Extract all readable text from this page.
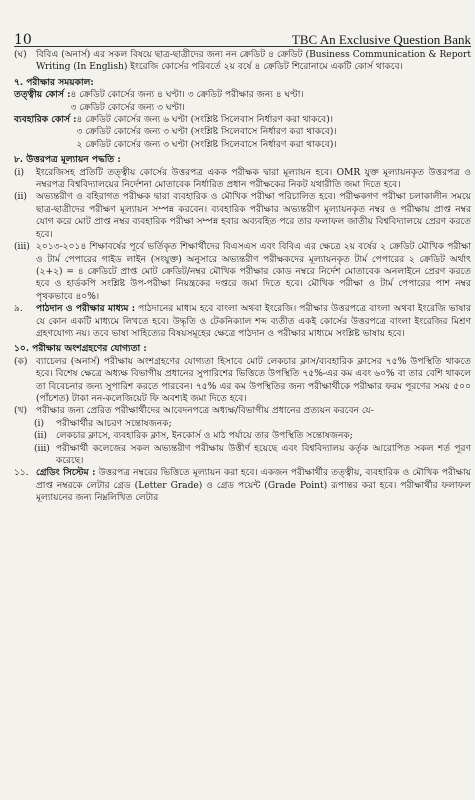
10	TBC An Exclusive Question Bank
(ঘ)	বিবিএ (অনার্স) এর সকল বিষয়ে ছাত্র-ছাত্রীদের জন্য নন ক্রেডিট ৪ ক্রেডিট (Business Communication & Report Writing (In English) ইংরেজি কোর্সের পরিবর্তে ২য় বর্ষে ৪ ক্রেডিট শিরোনামে একটি কোর্স থাকবে।

৭. পরীক্ষার সময়কাল:

তত্ত্বীয় কোর্স : ৪ ক্রেডিট কোর্সের জন্য ৪ ঘণ্টা। ৩ ক্রেডিট পরীক্ষার জন্য ৪ ঘণ্টা।

৩ ক্রেডিট কোর্সের জন্য ৩ ঘণ্টা।

ব্যবহারিক কোর্স : ৪ ক্রেডিট কোর্সের জন্য ৬ ঘণ্টা (সংশ্লিষ্ট সিলেবাস নির্ধারণ করা থাকবে)।

৩ ক্রেডিট কোর্সের জন্য ৩ ঘণ্টা (সংশ্লিষ্ট সিলেবাসে নির্ধারণ করা থাকবে)।

২ ক্রেডিট কোর্সের জন্য ৩ ঘণ্টা (সংশ্লিষ্ট সিলেবাসে নির্ধারণ করা থাকবে)।

৮. উত্তরপত্র মূল্যায়ন পদ্ধতি :

(i)	ইংরেজিসহ প্রতিটি তত্ত্বীয় কোর্সের উত্তরপত্র একক পরীক্ষক দ্বারা মূল্যায়ন হবে। OMR যুক্ত মূল্যায়নকৃত উত্তরপত্র ও নম্বরপত্র বিশ্ববিদ্যালয়ের নির্দেশনা মোতাবেক নির্ধারিত প্রধান পরীক্ষকের নিকট যথারীতি জমা দিতে হবে।

(ii) অভ্যন্তরীণ ও বহিরাগত পরীক্ষক দ্বারা ব্যবহারিক ও মৌখিক পরীক্ষা পরিচালিত হবে। পরীক্ষকগণ পরীক্ষা চলাকালীন সময়ে ছাত্র-ছাত্রীদের পরীক্ষণ মূল্যায়ন সম্পন্ন করবেন। ব্যবহারিক পরীক্ষার অভ্যন্তরীণ মূল্যায়নকৃত নম্বর ও পরীক্ষায় প্রাপ্ত নম্বর যোগ করে মোট প্রাপ্ত নম্বর ব্যবহারিক পরীক্ষা সম্পন্ন হবার অব্যবহিত পরে তার ফলাফল জাতীয় বিশ্ববিদ্যালয়ে প্রেরণ করতে হবে।

(iii) ২০১৩-২০১৪ শিক্ষাবর্ষের পূর্বে ভর্তিকৃত শিক্ষার্থীদের বিএসএস এবং বিবিএ এর ক্ষেত্রে ২য় বর্ষের ২ ক্রেডিট মৌখিক পরীক্ষা ও টার্ম পেপারের গাইড লাইন (সংযুক্ত) অনুসারে অভ্যন্তরীণ পরীক্ষকদের মূল্যায়নকৃত টার্ম পেপারের ২ ক্রেডিট অর্থাৎ (২+২) = ৪ ক্রেডিটে প্রাপ্ত মোট ক্রেডিট/নম্বর মৌখিক পরীক্ষার কোড নম্বরে নির্দেশ মোতাবেক অনলাইনে প্রেরণ করতে হবে ও হার্ডকপি সংশ্লিষ্ট উপ-পরীক্ষা নিয়ন্ত্রকের দপ্তরে জমা দিতে হবে। মৌখিক পরীক্ষা ও টার্ম পেপারের পাশ নম্বর পৃথকভাবে ৪০%।

৯.	পাঠদান ও পরীক্ষার মাধ্যম : পাঠদানের মাধ্যম হবে বাংলা অথবা ইংরেজি। পরীক্ষার উত্তরপত্রে বাংলা অথবা ইংরেজি ভাষার যে কোন একটি মাধ্যমে লিখতে হবে। উদ্ধৃতি ও টেকনিক্যাল শব্দ ব্যতীত একই কোর্সের উত্তরপত্রে বাংলা ইংরেজির মিশ্রণ গ্রহণযোগ্য নয়। তবে ভাষা সাহিত্যের বিষয়সমূহের ক্ষেত্রে পাঠদান ও পরীক্ষার মাধ্যমে সংশ্লিষ্ট ভাষায় হবে।

১০. পরীক্ষায় অংশগ্রহণের যোগ্যতা :

(ক) ব্যাচেলর (অনার্স) পরীক্ষায় অংশগ্রহণের যোগ্যতা হিসাবে মোট লেকচার ক্লাস/ব্যবহারিক ক্লাসের ৭৫% উপস্থিতি থাকতে হবে। বিশেষ ক্ষেত্রে অধ্যক্ষ বিভাগীয় প্রধানের সুপারিশের ভিত্তিতে উপস্থিতি ৭৫%-এর কম এবং ৬০% বা তার বেশি থাকলে তা বিবেচনার জন্য সুপারিশ করতে পারবেন। ৭৫% এর কম উপস্থিতির জন্য পরীক্ষার্থীকে পরীক্ষার ফরম পূরণের সময় ৫০০ (পাঁচশত) টাকা নন-কলেজিয়েট ফি অবশ্যই জমা দিতে হবে।

(খ) পরীক্ষার জন্য প্রেরিত পরীক্ষার্থীদের আবেদনপত্রে অধ্যক্ষ/বিভাগীয় প্রধানের প্রত্যয়ন করবেন যে-

(i)	পরীক্ষার্থীর আচরণ সন্তোষজনক;

(ii) লেকচার ক্লাসে, ব্যবহারিক ক্লাস, ইনকোর্স ও মাঠ পর্যায়ে তার উপস্থিতি সন্তোষজনক;

(iii) পরীক্ষার্থী কলেজের সকল অভ্যন্তরীণ পরীক্ষায় উত্তীর্ণ হয়েছে এবং বিশ্ববিদ্যালয় কর্তৃক আরোপিত সকল শর্ত পূরণ করেছে।

১১. গ্রেডিং সিস্টেম : উত্তরপত্র নম্বরের ভিত্তিতে মূল্যায়ন করা হবে। একজন পরীক্ষার্থীর তত্ত্বীয়, ব্যবহারিক ও মৌখিক পরীক্ষায় প্রাপ্ত নম্বরকে লেটার গ্রেড (Letter Grade) ও গ্রেড পয়েন্ট (Grade Point) রূপান্তর করা হবে। পরীক্ষার্থীর ফলাফল মূল্যায়নের জন্য নিম্নলিখিত লেটার
